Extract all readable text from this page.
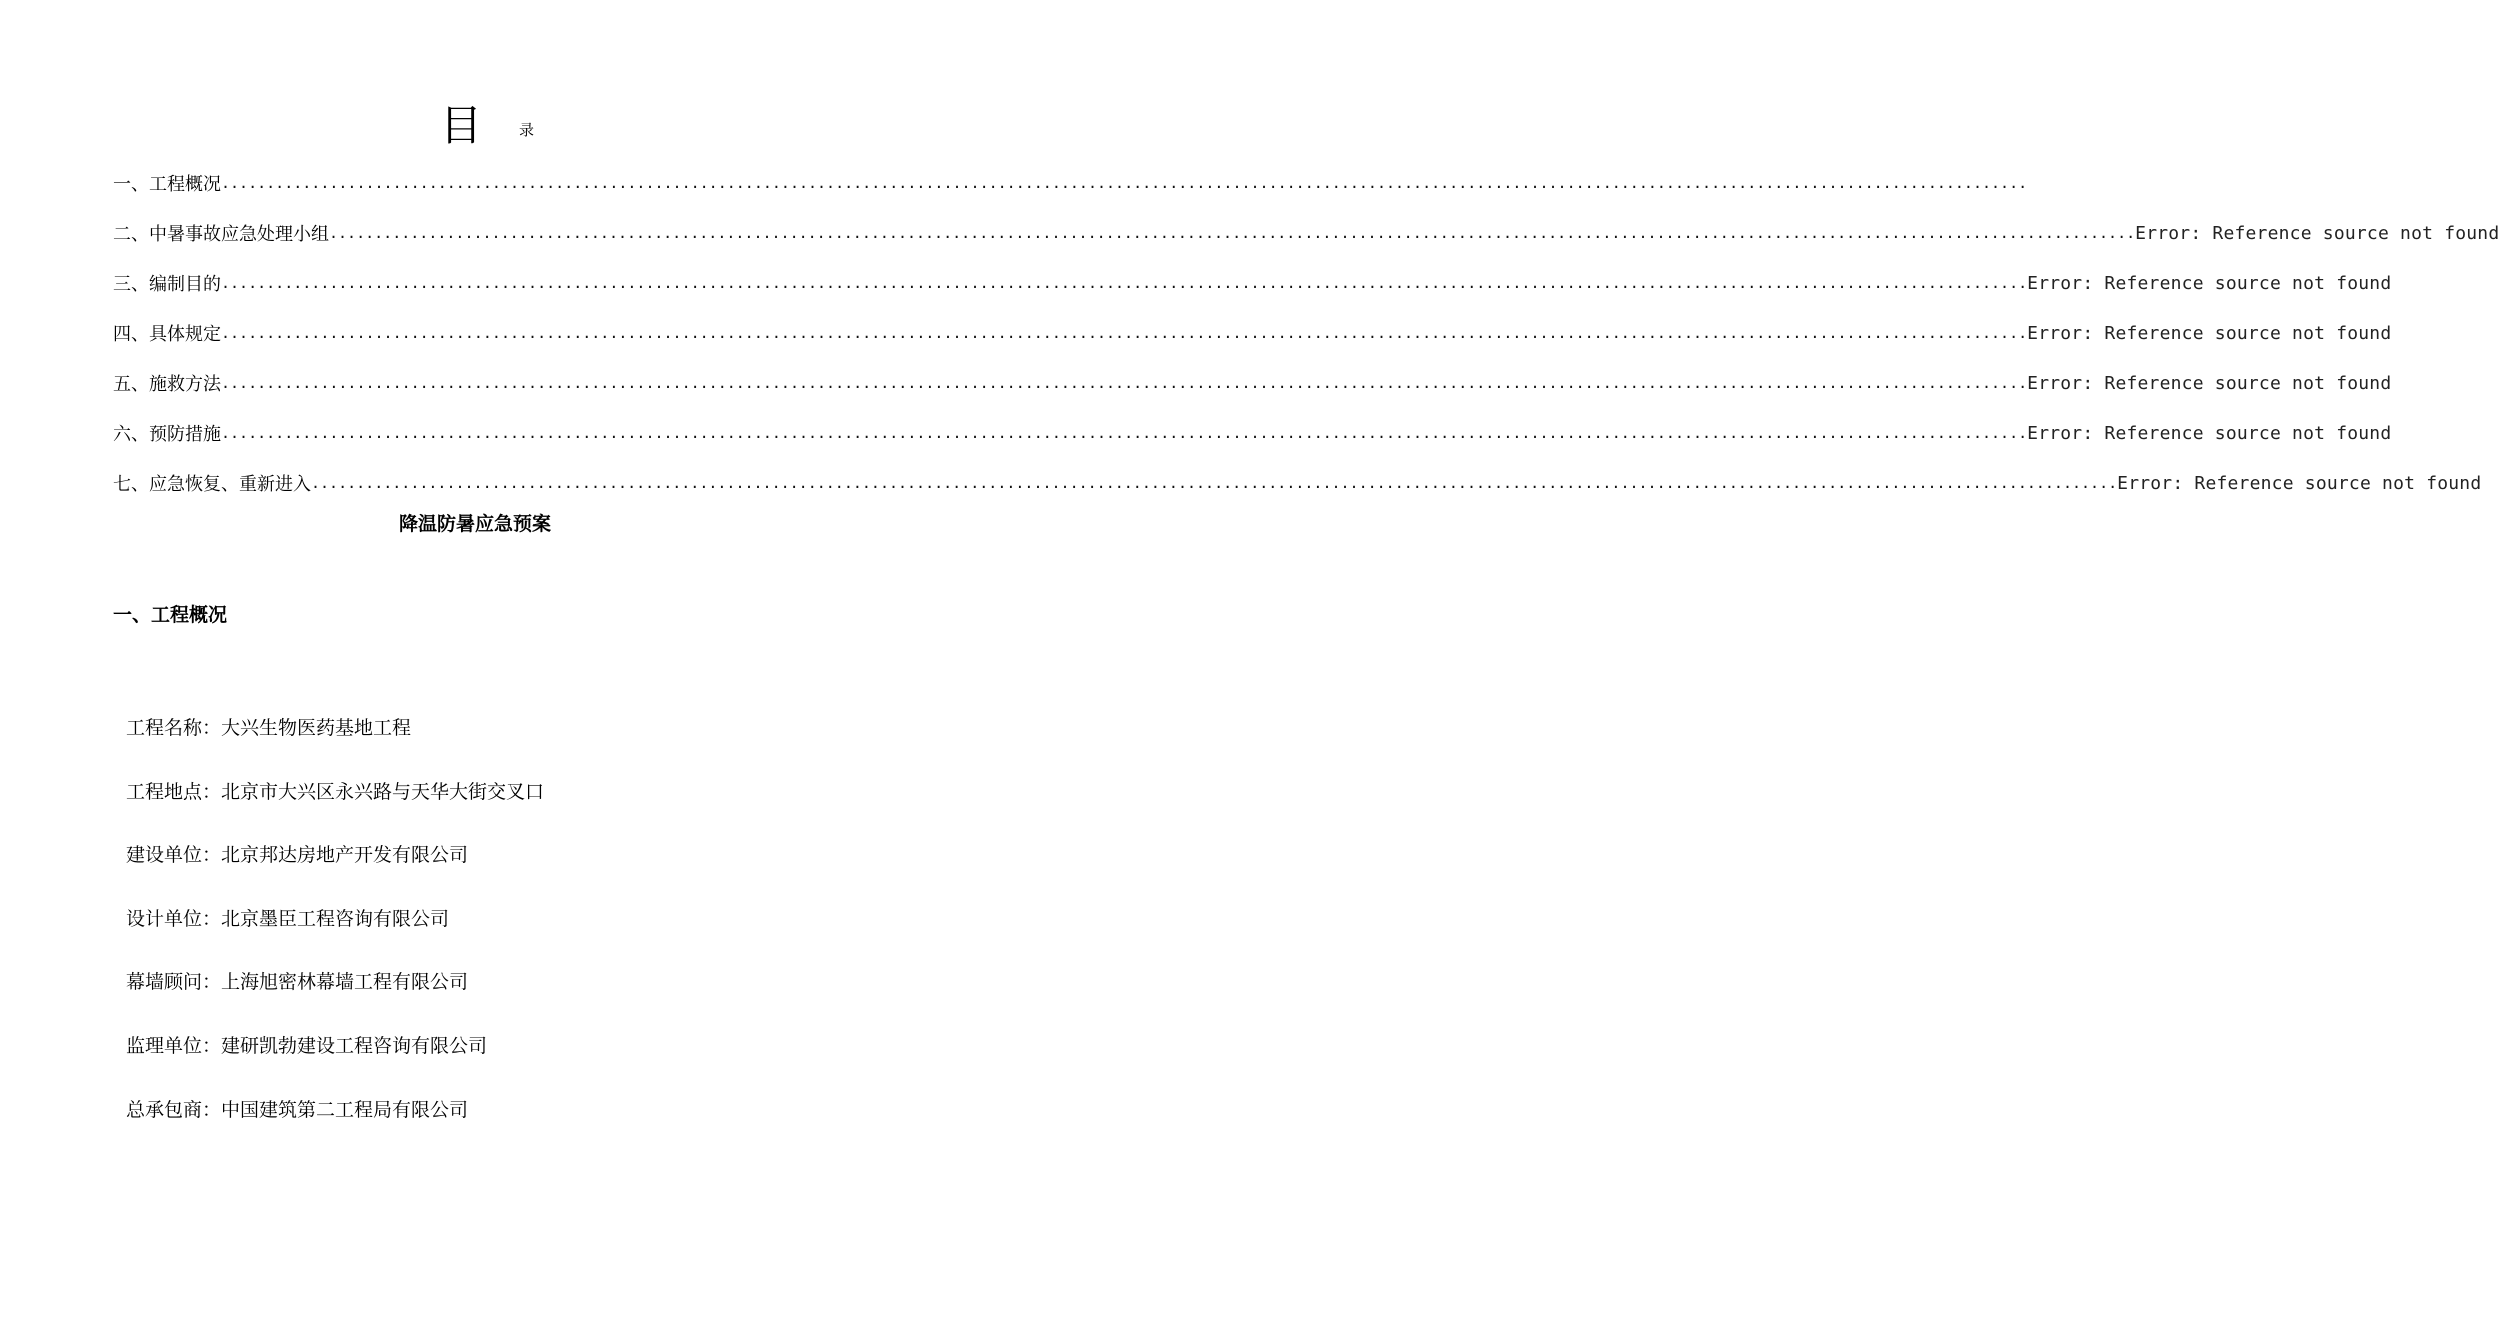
目 录
一、工程概况 ........................................................................................................................................................................................................
二、中暑事故应急处理小组 ........................................................................................................................................................................................................ Error: Reference source not found
三、编制目的 ........................................................................................................................................................................................................ Error: Reference source not found
四、具体规定 ........................................................................................................................................................................................................ Error: Reference source not found
五、施救方法 ........................................................................................................................................................................................................ Error: Reference source not found
六、预防措施 ........................................................................................................................................................................................................ Error: Reference source not found
七、应急恢复、重新进入 ........................................................................................................................................................................................................ Error: Reference source not found
降温防暑应急预案
一、工程概况
工程名称：大兴生物医药基地工程
工程地点：北京市大兴区永兴路与天华大街交叉口
建设单位：北京邦达房地产开发有限公司
设计单位：北京墨臣工程咨询有限公司
幕墙顾问：上海旭密林幕墙工程有限公司
监理单位：建研凯勃建设工程咨询有限公司
总承包商：中国建筑第二工程局有限公司
